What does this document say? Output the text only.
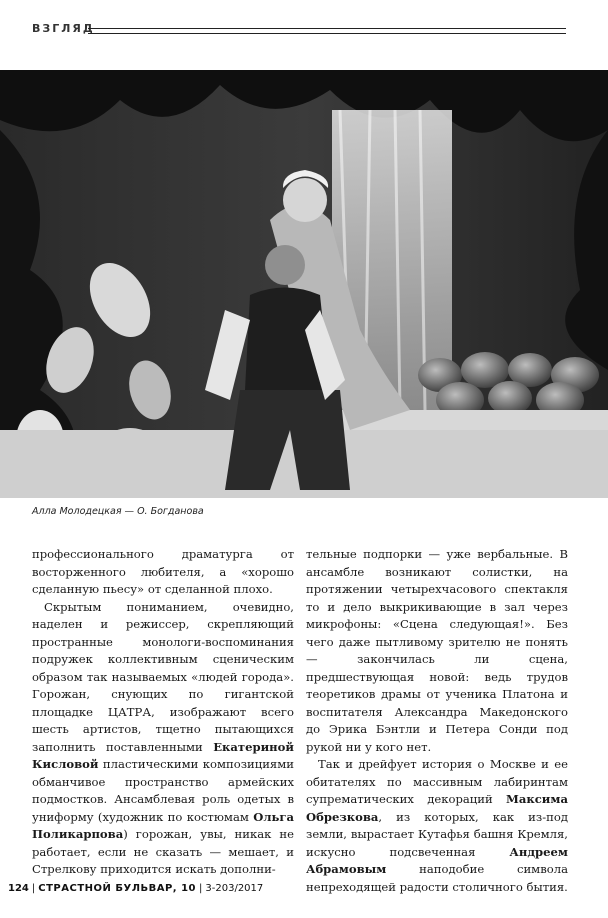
ВЗГЛЯД
Алла Молодецкая — О. Богданова

профессионального драматурга от восторженного любителя, а «хорошо сделанную пьесу» от сделанной плохо.

Скрытым пониманием, очевидно, наделен и режиссер, скрепляющий пространные монологи-воспоминания подружек коллективным сценическим образом так называемых «людей города». Горожан, снующих по гигантской площадке ЦАТРА, изображают всего шесть артистов, тщетно пытающихся заполнить поставленными Екатериной Кисловой пластическими композициями обманчивое пространство армейских подмостков. Ансамблевая роль одетых в униформу (художник по костюмам Ольга Поликарпова) горожан, увы, никак не работает, если не сказать — мешает, и Стрелкову приходится искать дополни-

тельные подпорки — уже вербальные. В ансамбле возникают солистки, на протяжении четырехчасового спектакля то и дело выкрикивающие в зал через микрофоны: «Сцена следующая!». Без чего даже пытливому зрителю не понять — закончилась ли сцена, предшествующая новой: ведь трудов теоретиков драмы от ученика Платона и воспитателя Александра Македонского до Эрика Бэнтли и Петера Сонди под рукой ни у кого нет.

Так и дрейфует история о Москве и ее обитателях по массивным лабиринтам супрематических декораций Максима Обрезкова, из которых, как из-под земли, вырастает Кутафья башня Кремля, искусно подсвеченная Андреем Абрамовым наподобие символа непреходящей радости столичного бытия.

124 | СТРАСТНОЙ БУЛЬВАР, 10 | 3-203/2017
